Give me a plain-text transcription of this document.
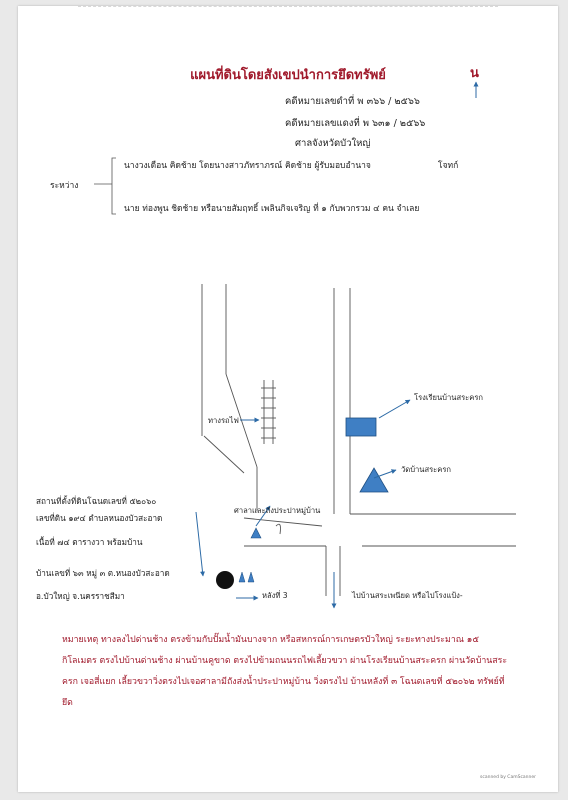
แผนที่ดินโดยสังเขปนำการยึดทรัพย์	น
คดีหมายเลขดำที่ พ ๓๖๖ / ๒๕๖๖
คดีหมายเลขแดงที่ พ ๖๓๑ / ๒๕๖๖
ศาลจังหวัดบัวใหญ่
นางวงเดือน คิดช้าย โดยนางสาวภัทราภรณ์ คิดช้าย ผู้รับมอบอำนาจ	โจทก์
ระหว่าง
นาย ท่องพูน ชิดช้าย หรือนายสัมฤทธิ์ เพลินกิจเจริญ ที่ ๑ กับพวกรวม ๔ คน จำเลย
ทางรถไฟ
โรงเรียนบ้านสระครก
วัดบ้านสระครก
ศาลาและถังประปาหมู่บ้าน
หลังที่ 3	ไปบ้านสระเพนียด หรือไปโรงแป้ง-
สถานที่ตั้งที่ดินโฉนดเลขที่ ๕๒๐๖๐
เลขที่ดิน ๑๙๔ ตำบลหนองบัวสะอาด
เนื้อที่ ๗๔ ตารางวา พร้อมบ้าน
บ้านเลขที่ ๖๓ หมู่ ๓ ต.หนองบัวสะอาด
อ.บัวใหญ่ จ.นครราชสีมา
หมายเหตุ ทางลงไปด่านช้าง ตรงข้ามกับปั๊มน้ำมันบางจาก หรือสหกรณ์การเกษตรบัวใหญ่ ระยะทางประมาณ ๑๕ กิโลเมตร ตรงไปบ้านด่านช้าง ผ่านบ้านคูขาด ตรงไปข้ามถนนรถไฟเลี้ยวขวา ผ่านโรงเรียนบ้านสระครก ผ่านวัดบ้านสระครก เจอสี่แยก เลี้ยวขวาวิ่งตรงไปเจอศาลามีถังส่งน้ำประปาหมู่บ้าน วิ่งตรงไป บ้านหลังที่ ๓ โฉนดเลขที่ ๕๒๐๖๒ ทรัพย์ที่ยึด
scanned by CamScanner
